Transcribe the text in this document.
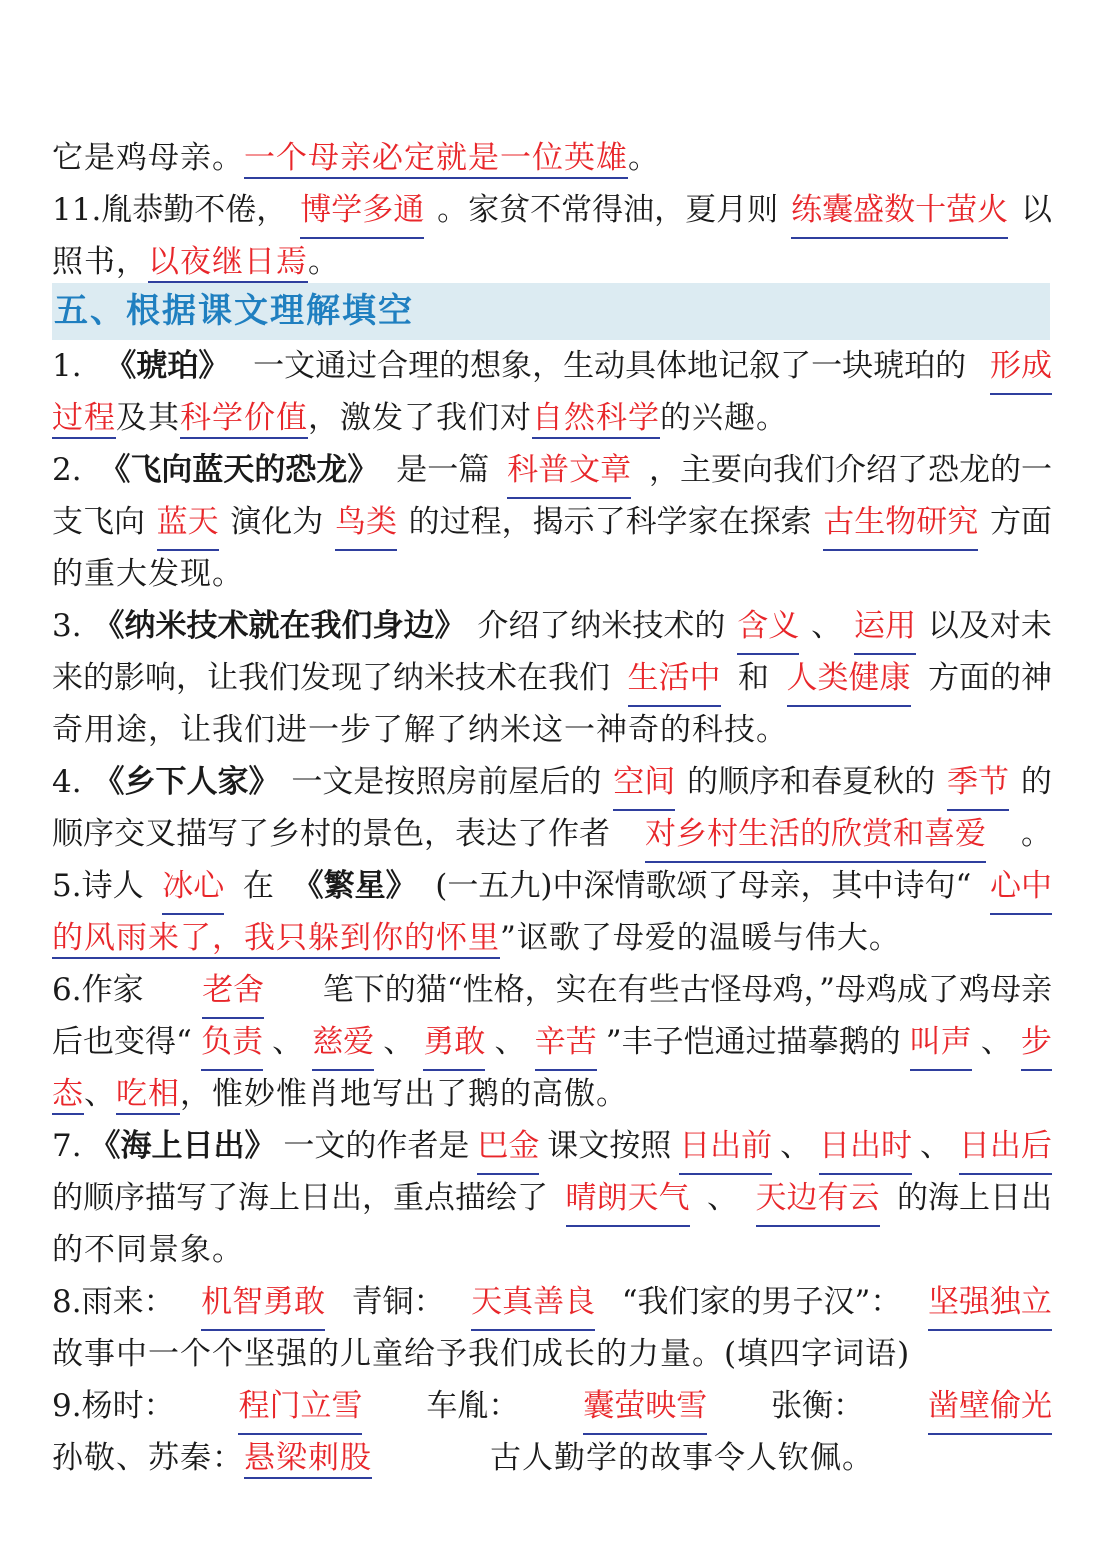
它是鸡母亲。一个母亲必定就是一位英雄。
11.胤恭勤不倦， 博学多通 。家贫不常得油，夏月则 练囊盛数十萤火 以
照书，以夜继日焉。
五、根据课文理解填空
1. 《琥珀》 一文通过合理的想象，生动具体地记叙了一块琥珀的 形成
过程及其科学价值，激发了我们对自然科学的兴趣。
2. 《飞向蓝天的恐龙》 是一篇 科普文章 ，主要向我们介绍了恐龙的一
支飞向 蓝天 演化为 鸟类 的过程，揭示了科学家在探索 古生物研究 方面
的重大发现。
3. 《纳米技术就在我们身边》 介绍了纳米技术的 含义 、 运用 以及对未
来的影响，让我们发现了纳米技术在我们 生活中 和 人类健康 方面的神
奇用途，让我们进一步了解了纳米这一神奇的科技。
4. 《乡下人家》 一文是按照房前屋后的 空间 的顺序和春夏秋的 季节 的
顺序交叉描写了乡村的景色，表达了作者 对乡村生活的欣赏和喜爱 。
5.诗人 冰心 在 《繁星》 (一五九)中深情歌颂了母亲，其中诗句“ 心中
的风雨来了，我只躲到你的怀里”讴歌了母爱的温暖与伟大。
6.作家 老舍 笔下的猫“性格，实在有些古怪母鸡，”母鸡成了鸡母亲
后也变得“ 负责 、 慈爱 、 勇敢 、 辛苦 ”丰子恺通过描摹鹅的 叫声 、 步
态、吃相，惟妙惟肖地写出了鹅的高傲。
7. 《海上日出》 一文的作者是 巴金 课文按照 日出前 、 日出时 、 日出后
的顺序描写了海上日出，重点描绘了 晴朗天气 、 天边有云 的海上日出
的不同景象。
8.雨来： 机智勇敢 青铜： 天真善良 “我们家的男子汉”： 坚强独立
故事中一个个坚强的儿童给予我们成长的力量。(填四字词语)
9.杨时： 程门立雪 车胤： 囊萤映雪 张衡： 凿壁偷光
孙敬、苏秦：悬梁刺股	古人勤学的故事令人钦佩。
